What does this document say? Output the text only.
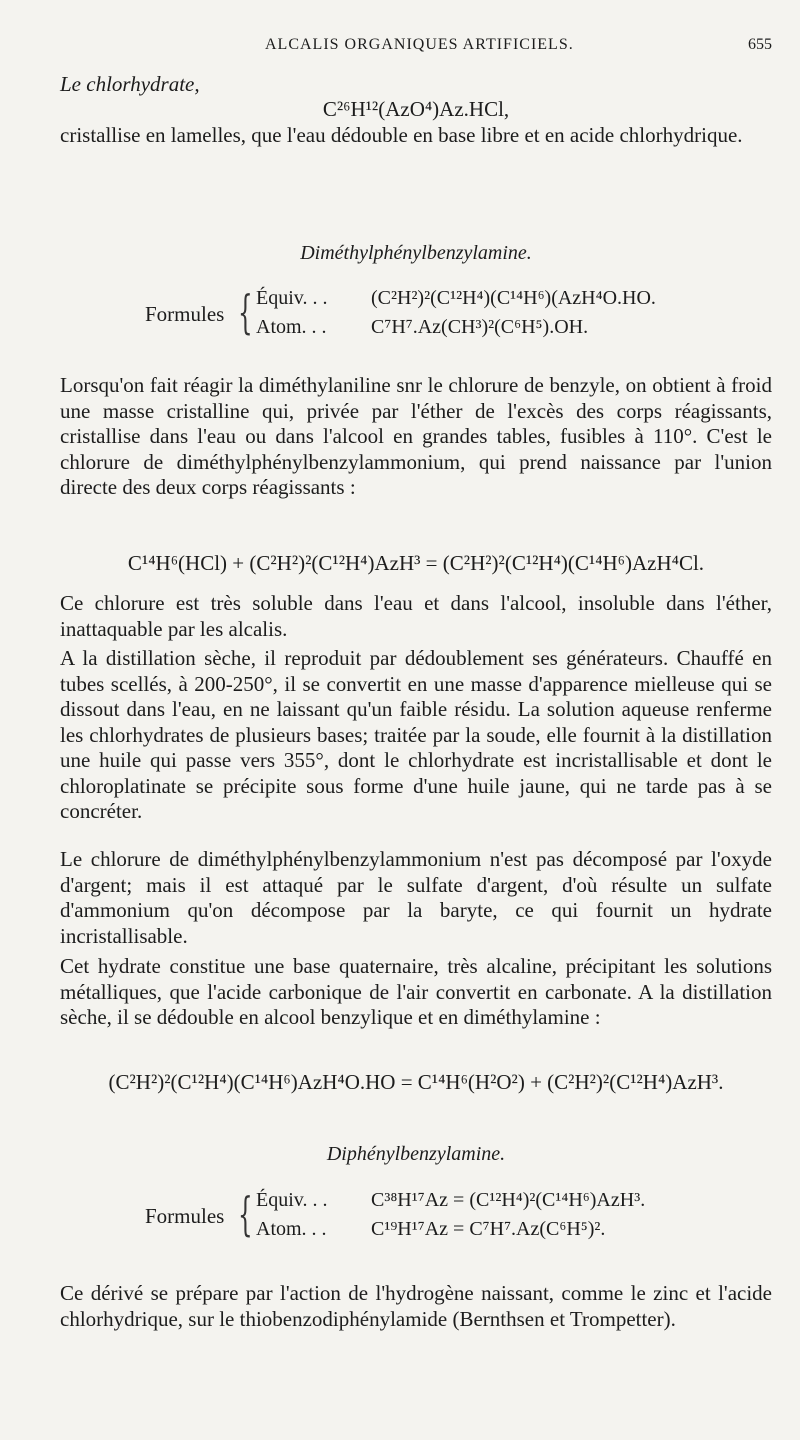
ALCALIS ORGANIQUES ARTIFICIELS.	655
Le chlorhydrate,
C²⁶H¹²(AzO⁴)Az.HCl,
cristallise en lamelles, que l'eau dédouble en base libre et en acide chlorhydrique.
Diméthylphénylbenzylamine.
Formules { Équiv. . . (C²H²)²(C¹²H⁴)(C¹⁴H⁶)(AzH⁴O.HO.
Atom. . . C⁷H⁷.Az(CH³)²(C⁶H⁵).OH.
Lorsqu'on fait réagir la diméthylaniline snr le chlorure de benzyle, on obtient à froid une masse cristalline qui, privée par l'éther de l'excès des corps réagissants, cristallise dans l'eau ou dans l'alcool en grandes tables, fusibles à 110°. C'est le chlorure de diméthylphénylbenzylammonium, qui prend naissance par l'union directe des deux corps réagissants :
C¹⁴H⁶(HCl) + (C²H²)²(C¹²H⁴)AzH³ = (C²H²)²(C¹²H⁴)(C¹⁴H⁶)AzH⁴Cl.
Ce chlorure est très soluble dans l'eau et dans l'alcool, insoluble dans l'éther, inattaquable par les alcalis.
A la distillation sèche, il reproduit par dédoublement ses générateurs. Chauffé en tubes scellés, à 200-250°, il se convertit en une masse d'apparence mielleuse qui se dissout dans l'eau, en ne laissant qu'un faible résidu. La solution aqueuse renferme les chlorhydrates de plusieurs bases; traitée par la soude, elle fournit à la distillation une huile qui passe vers 355°, dont le chlorhydrate est incristallisable et dont le chloroplatinate se précipite sous forme d'une huile jaune, qui ne tarde pas à se concréter.
Le chlorure de diméthylphénylbenzylammonium n'est pas décomposé par l'oxyde d'argent; mais il est attaqué par le sulfate d'argent, d'où résulte un sulfate d'ammonium qu'on décompose par la baryte, ce qui fournit un hydrate incristallisable.
Cet hydrate constitue une base quaternaire, très alcaline, précipitant les solutions métalliques, que l'acide carbonique de l'air convertit en carbonate. A la distillation sèche, il se dédouble en alcool benzylique et en diméthylamine :
(C²H²)²(C¹²H⁴)(C¹⁴H⁶)AzH⁴O.HO = C¹⁴H⁶(H²O²) + (C²H²)²(C¹²H⁴)AzH³.
Diphénylbenzylamine.
Formules { Équiv. . . C³⁸H¹⁷Az = (C¹²H⁴)²(C¹⁴H⁶)AzH³.
Atom. . . C¹⁹H¹⁷Az = C⁷H⁷.Az(C⁶H⁵)².
Ce dérivé se prépare par l'action de l'hydrogène naissant, comme le zinc et l'acide chlorhydrique, sur le thiobenzodiphénylamide (Bernthsen et Trompetter).
